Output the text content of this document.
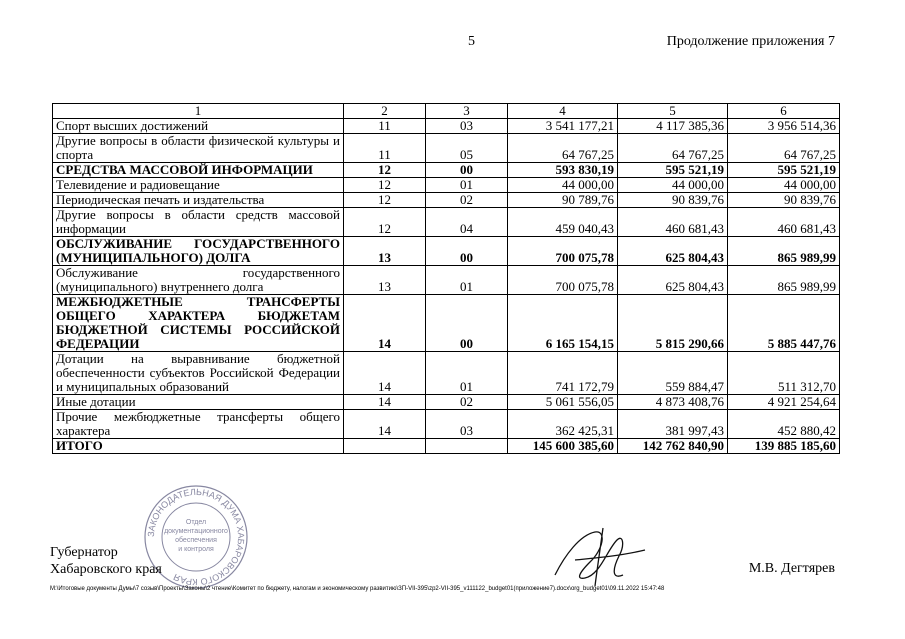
5	Продолжение приложения 7
1	2	3	4	5	6
Спорт высших достижений	11	03	3 541 177,21	4 117 385,36	3 956 514,36
Другие вопросы в области физической культуры и спорта	11	05	64 767,25	64 767,25	64 767,25
СРЕДСТВА МАССОВОЙ ИНФОРМАЦИИ	12	00	593 830,19	595 521,19	595 521,19
Телевидение и радиовещание	12	01	44 000,00	44 000,00	44 000,00
Периодическая печать и издательства	12	02	90 789,76	90 839,76	90 839,76
Другие вопросы в области средств массовой информации	12	04	459 040,43	460 681,43	460 681,43
ОБСЛУЖИВАНИЕ ГОСУДАРСТВЕННОГО (МУНИЦИПАЛЬНОГО) ДОЛГА	13	00	700 075,78	625 804,43	865 989,99
Обслуживание государственного (муниципального) внутреннего долга	13	01	700 075,78	625 804,43	865 989,99
МЕЖБЮДЖЕТНЫЕ ТРАНСФЕРТЫ ОБЩЕГО ХАРАКТЕРА БЮДЖЕТАМ БЮДЖЕТНОЙ СИСТЕМЫ РОССИЙСКОЙ ФЕДЕРАЦИИ	14	00	6 165 154,15	5 815 290,66	5 885 447,76
Дотации на выравнивание бюджетной обеспеченности субъектов Российской Федерации и муниципальных образований	14	01	741 172,79	559 884,47	511 312,70
Иные дотации	14	02	5 061 556,05	4 873 408,76	4 921 254,64
Прочие межбюджетные трансферты общего характера	14	03	362 425,31	381 997,43	452 880,42
ИТОГО			145 600 385,60	142 762 840,90	139 885 185,60
ЗАКОНОДАТЕЛЬНАЯ ДУМА ХАБАРОВСКОГО КРАЯ
Отдел
документационного
обеспечения
и контроля
Губернатор
Хабаровского края	М.В. Дегтярев
M:\Итоговые документы Думы\7 созыв\Проекты\Законы\2 чтение\Комитет по бюджету, налогам и экономическому развитию\ЗП-VII-395\zp2-VII-395_v111122_budget01(приложение7).docx\org_budget01\09.11.2022 15:47:48
